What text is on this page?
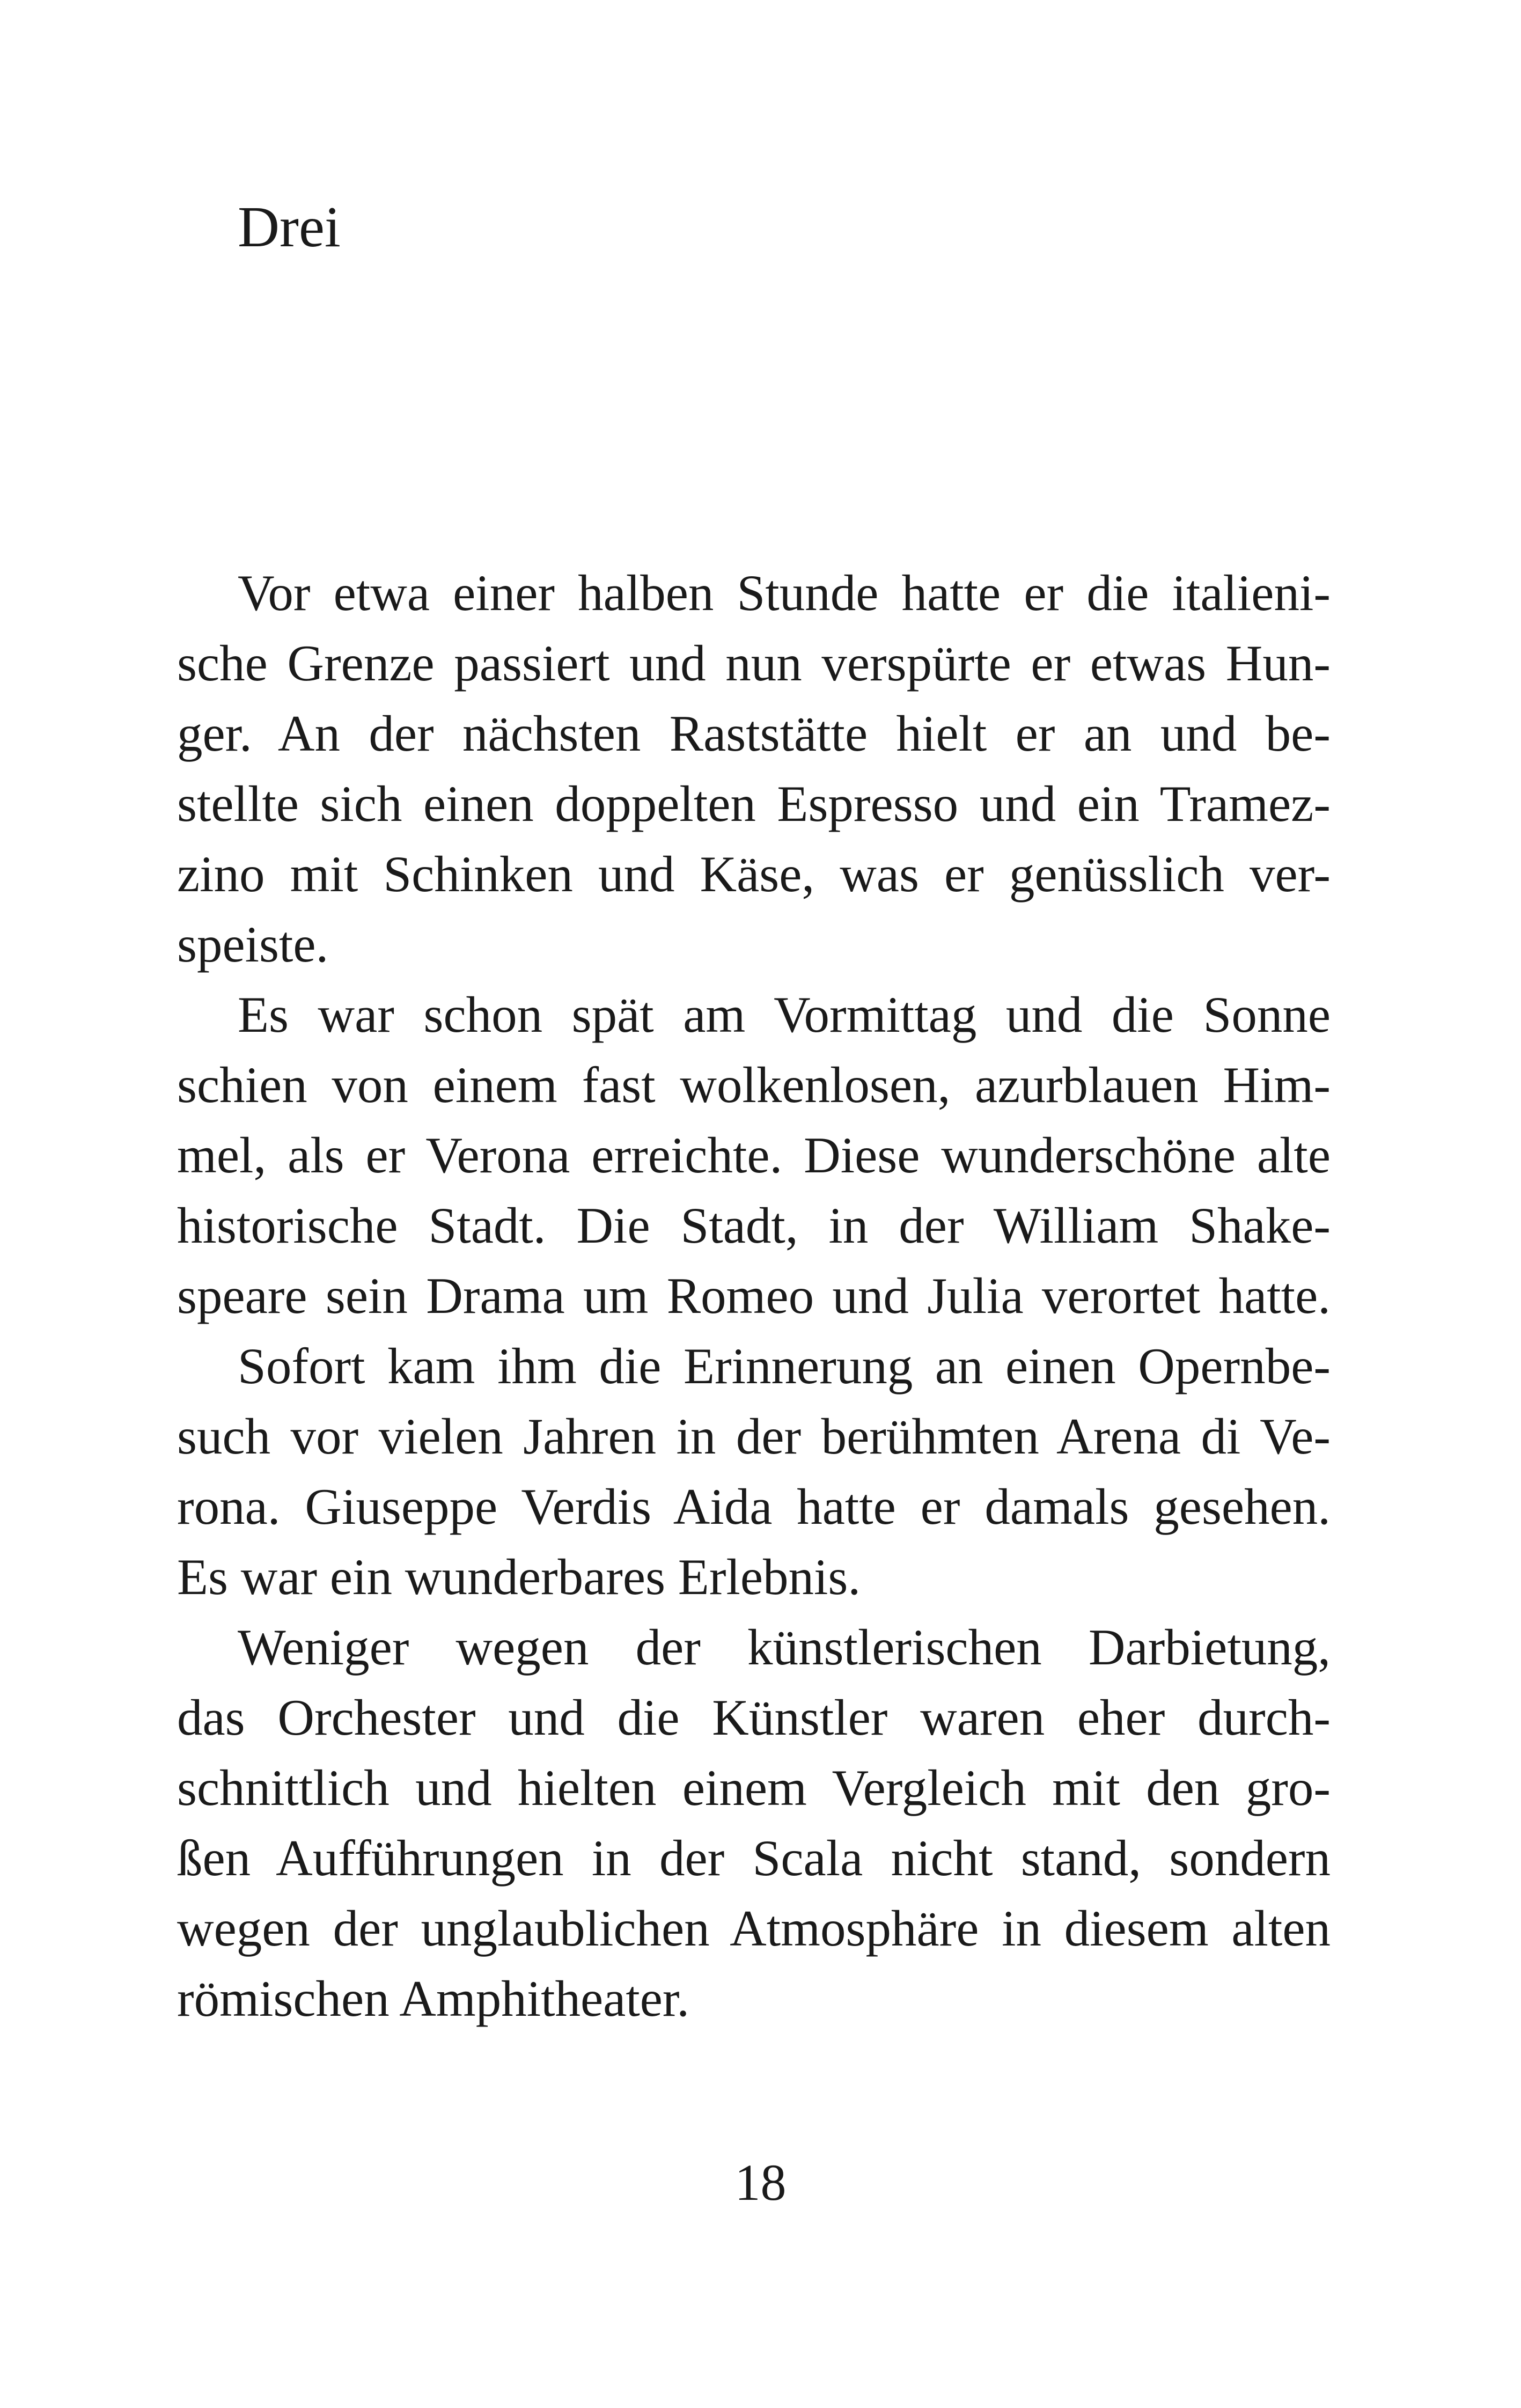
Drei
Vor etwa einer halben Stunde hatte er die italieni-
sche Grenze passiert und nun verspürte er etwas Hun-
ger. An der nächsten Raststätte hielt er an und be-
stellte sich einen doppelten Espresso und ein Tramez-
zino mit Schinken und Käse, was er genüsslich ver-
speiste.
Es war schon spät am Vormittag und die Sonne
schien von einem fast wolkenlosen, azurblauen Him-
mel, als er Verona erreichte. Diese wunderschöne alte
historische Stadt. Die Stadt, in der William Shake-
speare sein Drama um Romeo und Julia verortet hatte.
Sofort kam ihm die Erinnerung an einen Opernbe-
such vor vielen Jahren in der berühmten Arena di Ve-
rona. Giuseppe Verdis Aida hatte er damals gesehen.
Es war ein wunderbares Erlebnis.
Weniger wegen der künstlerischen Darbietung,
das Orchester und die Künstler waren eher durch-
schnittlich und hielten einem Vergleich mit den gro-
ßen Aufführungen in der Scala nicht stand, sondern
wegen der unglaublichen Atmosphäre in diesem alten
römischen Amphitheater.
18
